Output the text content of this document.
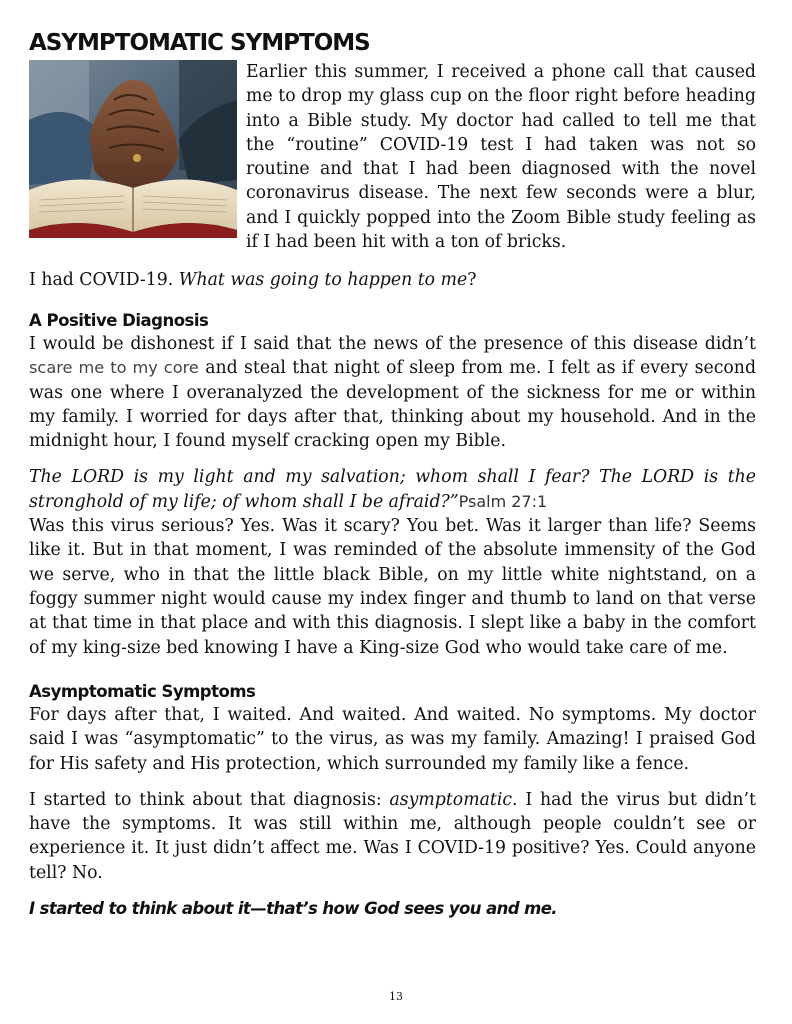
ASYMPTOMATIC SYMPTOMS

Earlier this summer, I received a phone call that caused me to drop my glass cup on the floor right before heading into a Bible study. My doctor had called to tell me that the “routine” COVID-19 test I had taken was not so routine and that I had been diagnosed with the novel coronavirus disease. The next few seconds were a blur, and I quickly popped into the Zoom Bible study feeling as if I had been hit with a ton of bricks.

I had COVID-19. What was going to happen to me?

A Positive Diagnosis

I would be dishonest if I said that the news of the presence of this disease didn’t scare me to my core and steal that night of sleep from me. I felt as if every second was one where I overanalyzed the development of the sickness for me or within my family. I worried for days after that, thinking about my household. And in the midnight hour, I found myself cracking open my Bible.

The LORD is my light and my salvation; whom shall I fear? The LORD is the stronghold of my life; of whom shall I be afraid?”Psalm 27:1

Was this virus serious? Yes. Was it scary? You bet. Was it larger than life? Seems like it. But in that moment, I was reminded of the absolute immensity of the God we serve, who in that the little black Bible, on my little white nightstand, on a foggy summer night would cause my index finger and thumb to land on that verse at that time in that place and with this diagnosis. I slept like a baby in the comfort of my king-size bed knowing I have a King-size God who would take care of me.

Asymptomatic Symptoms

For days after that, I waited. And waited. And waited. No symptoms. My doctor said I was “asymptomatic” to the virus, as was my family. Amazing! I praised God for His safety and His protection, which surrounded my family like a fence.

I started to think about that diagnosis: asymptomatic. I had the virus but didn’t have the symptoms. It was still within me, although people couldn’t see or experience it. It just didn’t affect me. Was I COVID-19 positive? Yes. Could anyone tell? No.

I started to think about it—that’s how God sees you and me.

13
